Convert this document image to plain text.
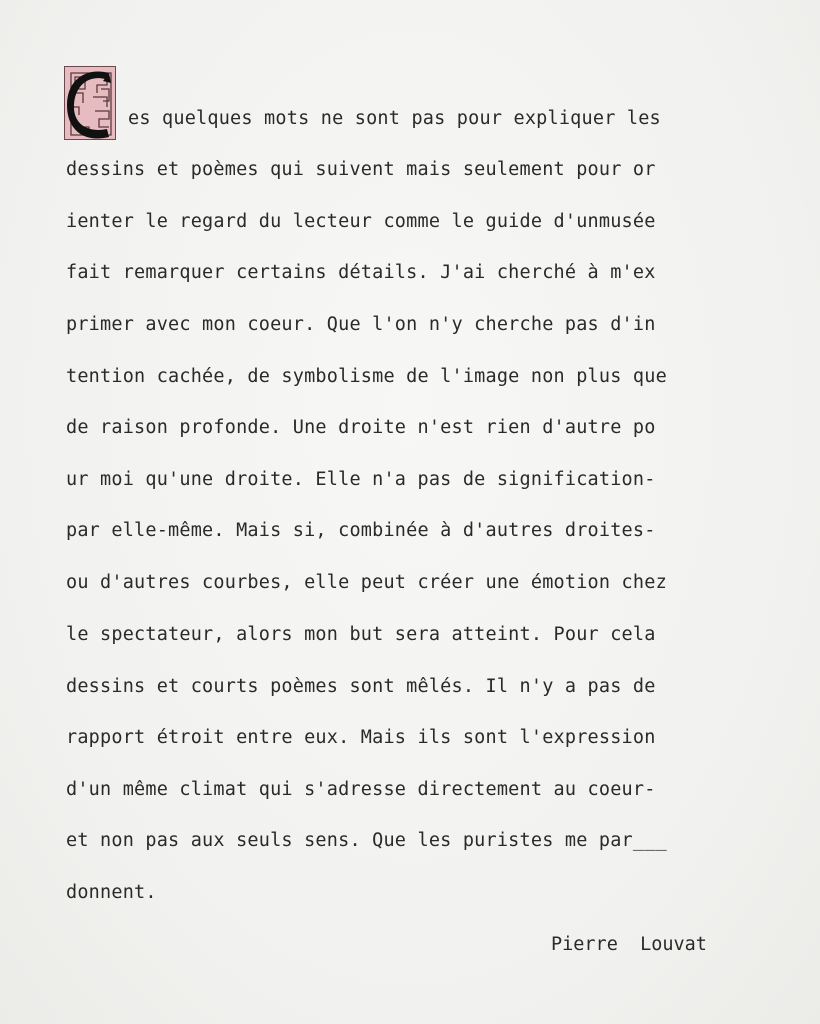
es quelques mots ne sont pas pour expliquer les
dessins et poèmes qui suivent mais seulement pour or
ienter le regard du lecteur comme le guide d'unmusée
fait remarquer certains détails. J'ai cherché à m'ex
primer avec mon coeur. Que l'on n'y cherche pas d'in
tention cachée, de symbolisme de l'image non plus que
de raison profonde. Une droite n'est rien d'autre po
ur moi qu'une droite. Elle n'a pas de signification-
par elle-même. Mais si, combinée à d'autres droites-
ou d'autres courbes, elle peut créer une émotion chez
le spectateur, alors mon but sera atteint. Pour cela
dessins et courts poèmes sont mêlés. Il n'y a pas de
rapport étroit entre eux. Mais ils sont l'expression
d'un même climat qui s'adresse directement au coeur-
et non pas aux seuls sens. Que les puristes me par___
donnent.
Pierre  Louvat
